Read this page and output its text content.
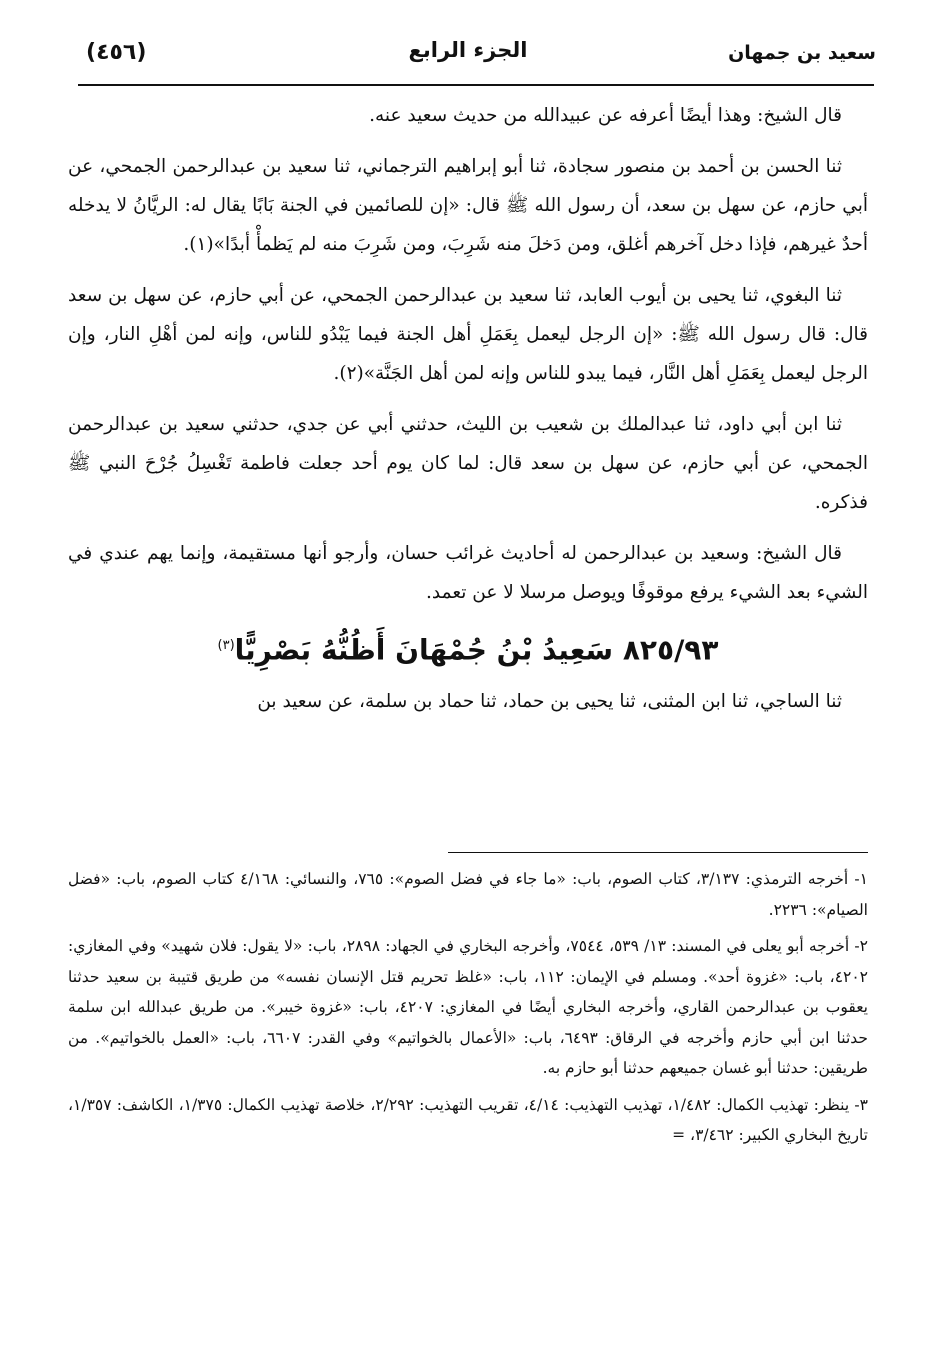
(٤٥٦)	الجزء الرابع	سعيد بن جمهان

قال الشيخ: وهذا أيضًا أعرفه عن عبيدالله من حديث سعيد عنه.

ثنا الحسن بن أحمد بن منصور سجادة، ثنا أبو إبراهيم الترجماني، ثنا سعيد بن عبدالرحمن الجمحي، عن أبي حازم، عن سهل بن سعد، أن رسول الله ﷺ قال: «إن للصائمين في الجنة بَابًا يقال له: الريَّانُ لا يدخله أحدٌ غيرهم، فإذا دخل آخرهم أغلق، ومن دَخلَ منه شَرِبَ، ومن شَرِبَ منه لم يَظمأْ أبدًا»(١).

ثنا البغوي، ثنا يحيى بن أيوب العابد، ثنا سعيد بن عبدالرحمن الجمحي، عن أبي حازم، عن سهل بن سعد قال: قال رسول الله ﷺ: «إن الرجل ليعمل بِعَمَلِ أهل الجنة فيما يَبْدُو للناس، وإنه لمن أهْلِ النار، وإن الرجل ليعمل بِعَمَلِ أهل النَّار، فيما يبدو للناس وإنه لمن أهل الجَنَّة»(٢).

ثنا ابن أبي داود، ثنا عبدالملك بن شعيب بن الليث، حدثني أبي عن جدي، حدثني سعيد بن عبدالرحمن الجمحي، عن أبي حازم، عن سهل بن سعد قال: لما كان يوم أحد جعلت فاطمة تَغْسِلُ جُرْحَ النبي ﷺ فذكره.

قال الشيخ: وسعيد بن عبدالرحمن له أحاديث غرائب حسان، وأرجو أنها مستقيمة، وإنما يهم عندي في الشيء بعد الشيء يرفع موقوفًا ويوصل مرسلا لا عن تعمد.

٨٢٥/٩٣ سَعِيدُ بْنُ جُمْهَانَ أَظُنُّهُ بَصْرِيًّا$^{(٣)}$

ثنا الساجي، ثنا ابن المثنى، ثنا يحيى بن حماد، ثنا حماد بن سلمة، عن سعيد بن

١- أخرجه الترمذي: ٣/١٣٧، كتاب الصوم، باب: «ما جاء في فضل الصوم»: ٧٦٥، والنسائي: ٤/١٦٨ كتاب الصوم، باب: «فضل الصيام»: ٢٢٣٦.
٢- أخرجه أبو يعلى في المسند: ١٣/ ٥٣٩، ٧٥٤٤، وأخرجه البخاري في الجهاد: ٢٨٩٨، باب: «لا يقول: فلان شهيد» وفي المغازي: ٤٢٠٢، باب: «غزوة أحد». ومسلم في الإيمان: ١١٢، باب: «غلظ تحريم قتل الإنسان نفسه» من طريق قتيبة بن سعيد حدثنا يعقوب بن عبدالرحمن القاري، وأخرجه البخاري أيضًا في المغازي: ٤٢٠٧، باب: «غزوة خيبر». من طريق عبدالله ابن سلمة حدثنا ابن أبي حازم وأخرجه في الرقاق: ٦٤٩٣، باب: «الأعمال بالخواتيم» وفي القدر: ٦٦٠٧، باب: «العمل بالخواتيم». من طريقين: حدثنا أبو غسان جميعهم حدثنا أبو حازم به.
٣- ينظر: تهذيب الكمال: ١/٤٨٢، تهذيب التهذيب: ٤/١٤، تقريب التهذيب: ٢/٢٩٢، خلاصة تهذيب الكمال: ١/٣٧٥، الكاشف: ١/٣٥٧، تاريخ البخاري الكبير: ٣/٤٦٢، =
